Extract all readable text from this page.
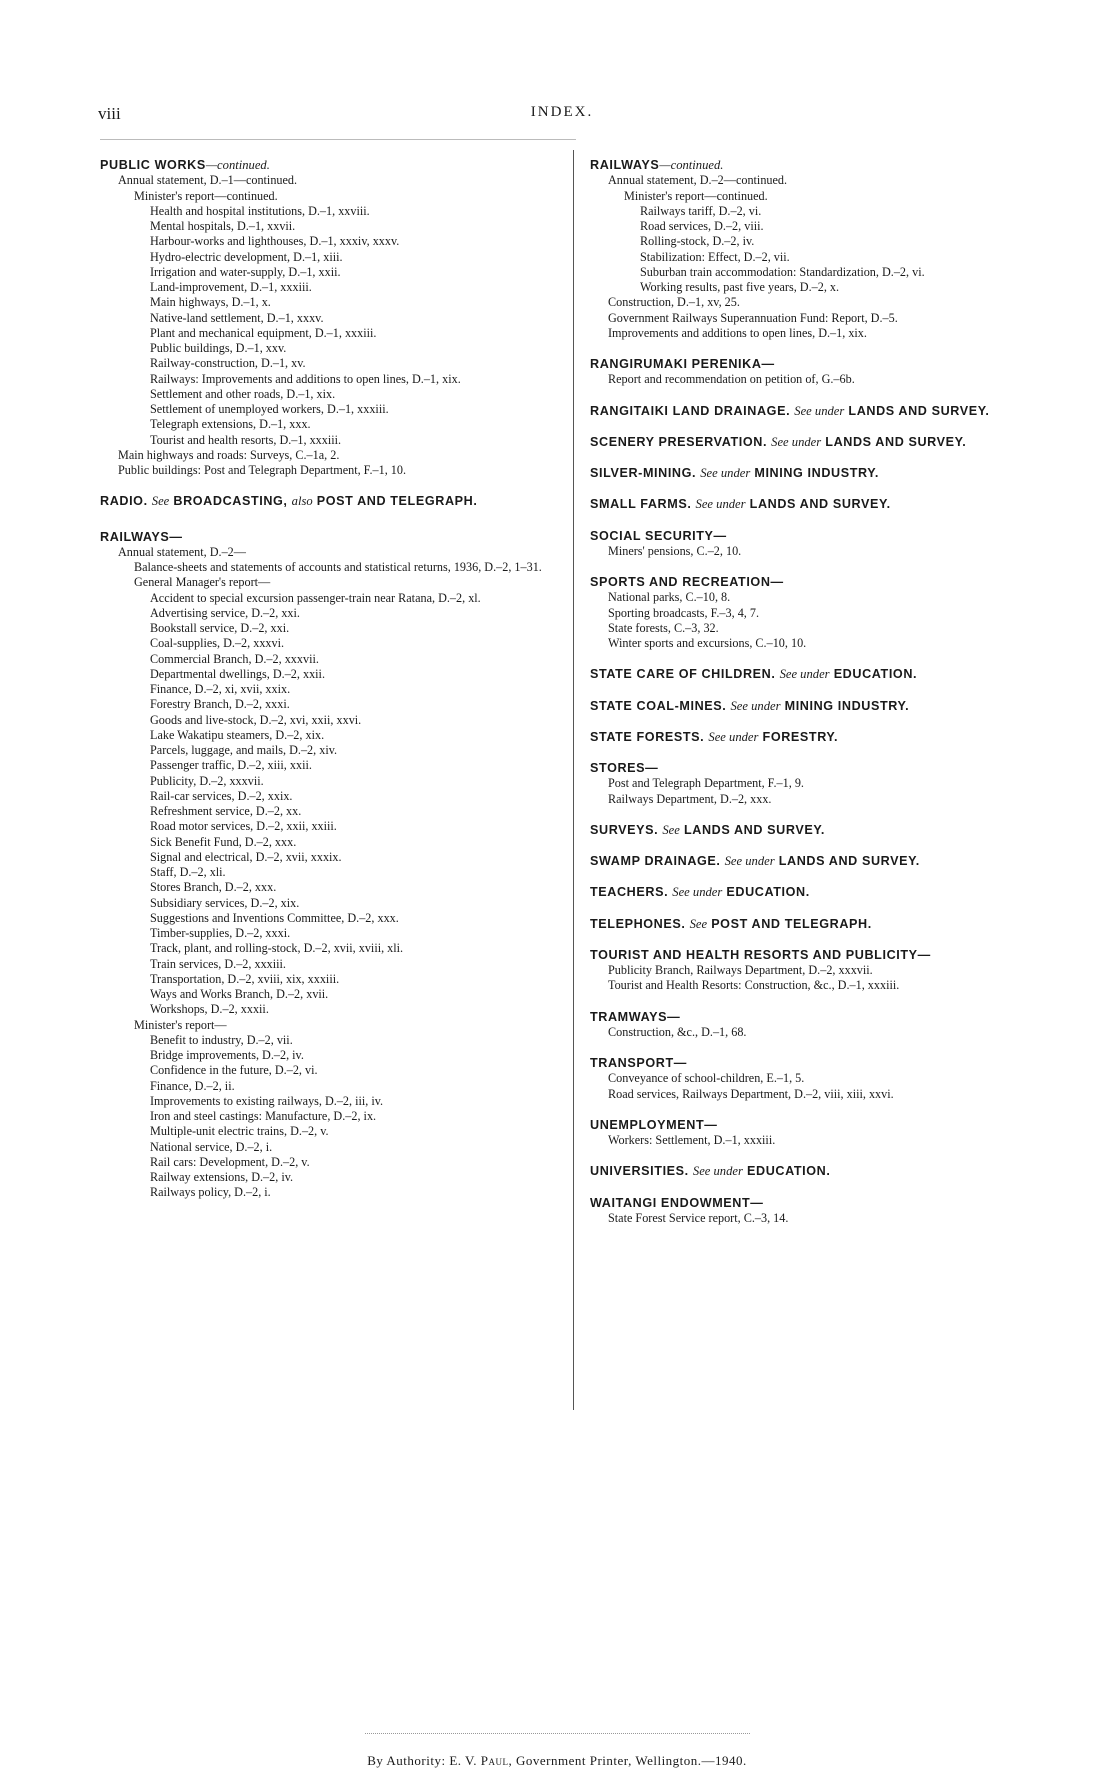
viii	INDEX.
PUBLIC WORKS—continued.
Annual statement, D.–1—continued.
Minister's report—continued.
Health and hospital institutions, D.–1, xxviii.
Mental hospitals, D.–1, xxvii.
Harbour-works and lighthouses, D.–1, xxxiv, xxxv.
Hydro-electric development, D.–1, xiii.
Irrigation and water-supply, D.–1, xxii.
Land-improvement, D.–1, xxxiii.
Main highways, D.–1, x.
Native-land settlement, D.–1, xxxv.
Plant and mechanical equipment, D.–1, xxxiii.
Public buildings, D.–1, xxv.
Railway-construction, D.–1, xv.
Railways: Improvements and additions to open lines, D.–1, xix.
Settlement and other roads, D.–1, xix.
Settlement of unemployed workers, D.–1, xxxiii.
Telegraph extensions, D.–1, xxx.
Tourist and health resorts, D.–1, xxxiii.
Main highways and roads: Surveys, C.–1a, 2.
Public buildings: Post and Telegraph Department, F.–1, 10.
RADIO. See BROADCASTING, also POST AND TELEGRAPH.
RAILWAYS—
Annual statement, D.–2—
Balance-sheets and statements of accounts and statistical returns, 1936, D.–2, 1–31.
General Manager's report—
Accident to special excursion passenger-train near Ratana, D.–2, xl.
Advertising service, D.–2, xxi.
Bookstall service, D.–2, xxi.
Coal-supplies, D.–2, xxxvi.
Commercial Branch, D.–2, xxxvii.
Departmental dwellings, D.–2, xxii.
Finance, D.–2, xi, xvii, xxix.
Forestry Branch, D.–2, xxxi.
Goods and live-stock, D.–2, xvi, xxii, xxvi.
Lake Wakatipu steamers, D.–2, xix.
Parcels, luggage, and mails, D.–2, xiv.
Passenger traffic, D.–2, xiii, xxii.
Publicity, D.–2, xxxvii.
Rail-car services, D.–2, xxix.
Refreshment service, D.–2, xx.
Road motor services, D.–2, xxii, xxiii.
Sick Benefit Fund, D.–2, xxx.
Signal and electrical, D.–2, xvii, xxxix.
Staff, D.–2, xli.
Stores Branch, D.–2, xxx.
Subsidiary services, D.–2, xix.
Suggestions and Inventions Committee, D.–2, xxx.
Timber-supplies, D.–2, xxxi.
Track, plant, and rolling-stock, D.–2, xvii, xviii, xli.
Train services, D.–2, xxxiii.
Transportation, D.–2, xviii, xix, xxxiii.
Ways and Works Branch, D.–2, xvii.
Workshops, D.–2, xxxii.
Minister's report—
Benefit to industry, D.–2, vii.
Bridge improvements, D.–2, iv.
Confidence in the future, D.–2, vi.
Finance, D.–2, ii.
Improvements to existing railways, D.–2, iii, iv.
Iron and steel castings: Manufacture, D.–2, ix.
Multiple-unit electric trains, D.–2, v.
National service, D.–2, i.
Rail cars: Development, D.–2, v.
Railway extensions, D.–2, iv.
Railways policy, D.–2, i.
RAILWAYS—continued.
Annual statement, D.–2—continued.
Minister's report—continued.
Railways tariff, D.–2, vi.
Road services, D.–2, viii.
Rolling-stock, D.–2, iv.
Stabilization: Effect, D.–2, vii.
Suburban train accommodation: Standardization, D.–2, vi.
Working results, past five years, D.–2, x.
Construction, D.–1, xv, 25.
Government Railways Superannuation Fund: Report, D.–5.
Improvements and additions to open lines, D.–1, xix.
RANGIRUMAKI PERENIKA—
Report and recommendation on petition of, G.–6b.
RANGITAIKI LAND DRAINAGE. See under LANDS AND SURVEY.
SCENERY PRESERVATION. See under LANDS AND SURVEY.
SILVER-MINING. See under MINING INDUSTRY.
SMALL FARMS. See under LANDS AND SURVEY.
SOCIAL SECURITY—
Miners' pensions, C.–2, 10.
SPORTS AND RECREATION—
National parks, C.–10, 8.
Sporting broadcasts, F.–3, 4, 7.
State forests, C.–3, 32.
Winter sports and excursions, C.–10, 10.
STATE CARE OF CHILDREN. See under EDUCATION.
STATE COAL-MINES. See under MINING INDUSTRY.
STATE FORESTS. See under FORESTRY.
STORES—
Post and Telegraph Department, F.–1, 9.
Railways Department, D.–2, xxx.
SURVEYS. See LANDS AND SURVEY.
SWAMP DRAINAGE. See under LANDS AND SURVEY.
TEACHERS. See under EDUCATION.
TELEPHONES. See POST AND TELEGRAPH.
TOURIST AND HEALTH RESORTS AND PUBLICITY—
Publicity Branch, Railways Department, D.–2, xxxvii.
Tourist and Health Resorts: Construction, &c., D.–1, xxxiii.
TRAMWAYS—
Construction, &c., D.–1, 68.
TRANSPORT—
Conveyance of school-children, E.–1, 5.
Road services, Railways Department, D.–2, viii, xiii, xxvi.
UNEMPLOYMENT—
Workers: Settlement, D.–1, xxxiii.
UNIVERSITIES. See under EDUCATION.
WAITANGI ENDOWMENT—
State Forest Service report, C.–3, 14.
By Authority: E. V. Paul, Government Printer, Wellington.—1940.
